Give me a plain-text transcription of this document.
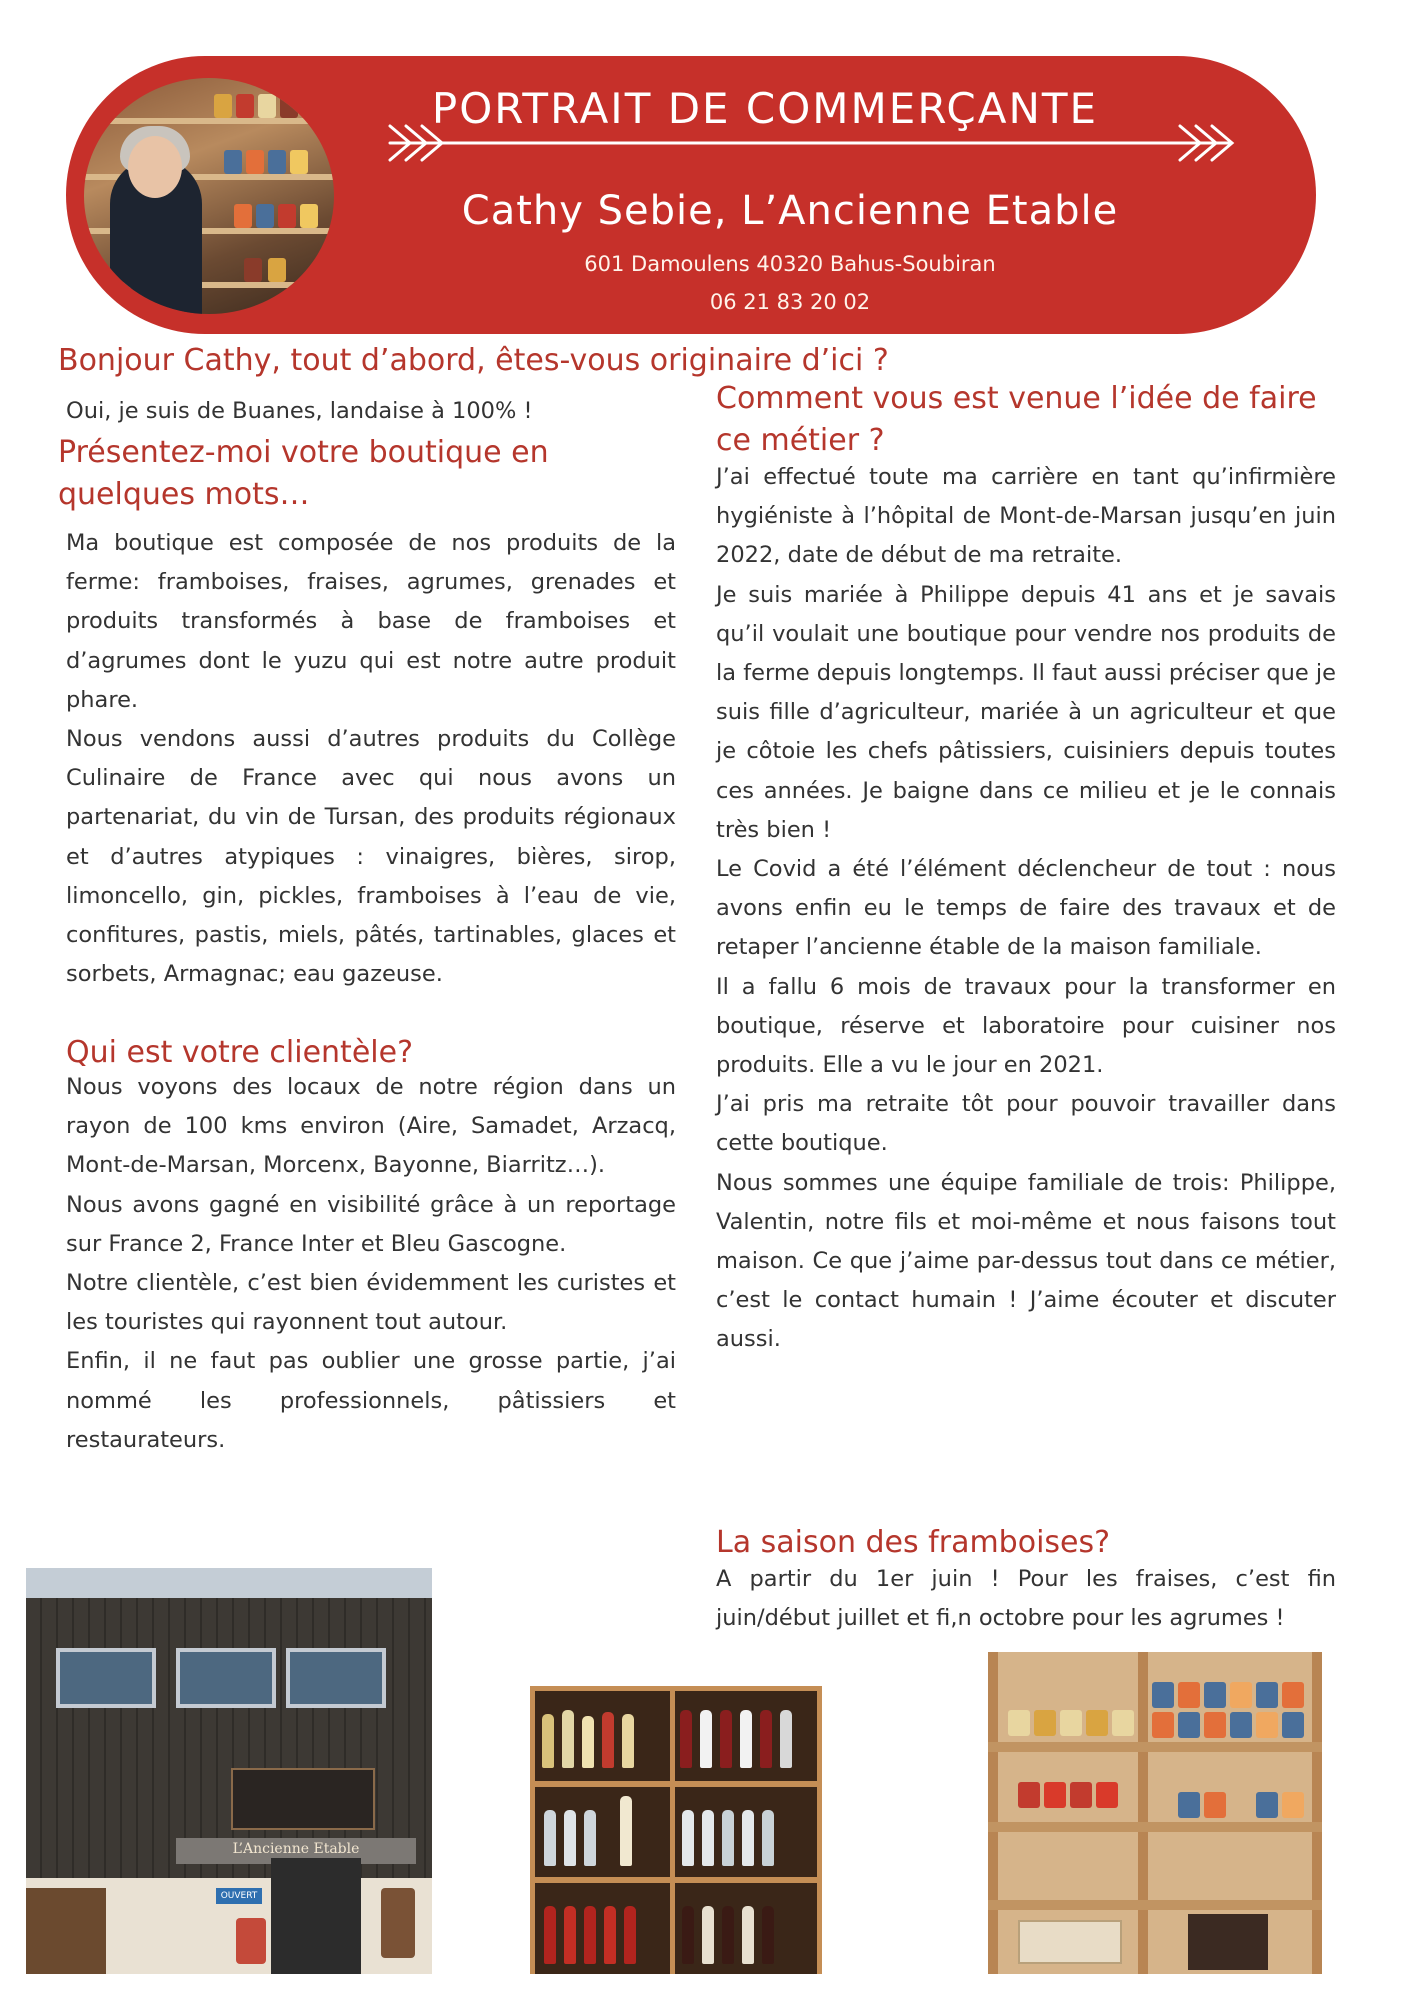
PORTRAIT DE COMMERÇANTE
Cathy Sebie, L’Ancienne Etable
601 Damoulens 40320 Bahus-Soubiran
06 21 83 20 02
Bonjour Cathy, tout d’abord, êtes-vous originaire d’ici ?

Oui, je suis de Buanes, landaise à 100% !

Présentez-moi votre boutique en quelques mots…

Ma boutique est composée de nos produits de la ferme: framboises, fraises, agrumes, grenades et produits transformés à base de framboises et d’agrumes dont le yuzu qui est notre autre produit phare.

Nous vendons aussi d’autres produits du Collège Culinaire de France avec qui nous avons un partenariat, du vin de Tursan, des produits régionaux et d’autres atypiques : vinaigres, bières, sirop, limoncello, gin, pickles, framboises à l’eau de vie, confitures, pastis, miels, pâtés, tartinables, glaces et sorbets, Armagnac; eau gazeuse.

Qui est votre clientèle?

Nous voyons des locaux de notre région dans un rayon de 100 kms environ (Aire, Samadet, Arzacq, Mont-de-Marsan, Morcenx, Bayonne, Biarritz…).

Nous avons gagné en visibilité grâce à un reportage sur France 2, France Inter et Bleu Gascogne.

Notre clientèle, c’est bien évidemment les curistes et les touristes qui rayonnent tout autour.

Enfin, il ne faut pas oublier une grosse partie, j’ai nommé les professionnels, pâtissiers et restaurateurs.

Comment vous est venue l’idée de faire ce métier ?

J’ai effectué toute ma carrière en tant qu’infirmière hygiéniste à l’hôpital de Mont-de-Marsan jusqu’en juin 2022, date de début de ma retraite.

Je suis mariée à Philippe depuis 41 ans et je savais qu’il voulait une boutique pour vendre nos produits de la ferme depuis longtemps. Il faut aussi préciser que je suis fille d’agriculteur, mariée à un agriculteur et que je côtoie les chefs pâtissiers, cuisiniers depuis toutes ces années. Je baigne dans ce milieu et je le connais très bien !

Le Covid a été l’élément déclencheur de tout : nous avons enfin eu le temps de faire des travaux et de retaper l’ancienne étable de la maison familiale.

Il a fallu 6 mois de travaux pour la transformer en boutique, réserve et laboratoire pour cuisiner nos produits. Elle a vu le jour en 2021.

J’ai pris ma retraite tôt pour pouvoir travailler dans cette boutique.

Nous sommes une équipe familiale de trois: Philippe, Valentin, notre fils et moi-même et nous faisons tout maison. Ce que j’aime par-dessus tout dans ce métier, c’est le contact humain ! J’aime écouter et discuter aussi.

La saison des framboises?

A partir du 1er juin ! Pour les fraises, c’est fin juin/début juillet et fi,n octobre pour les agrumes !

L’Ancienne Etable
OUVERT
